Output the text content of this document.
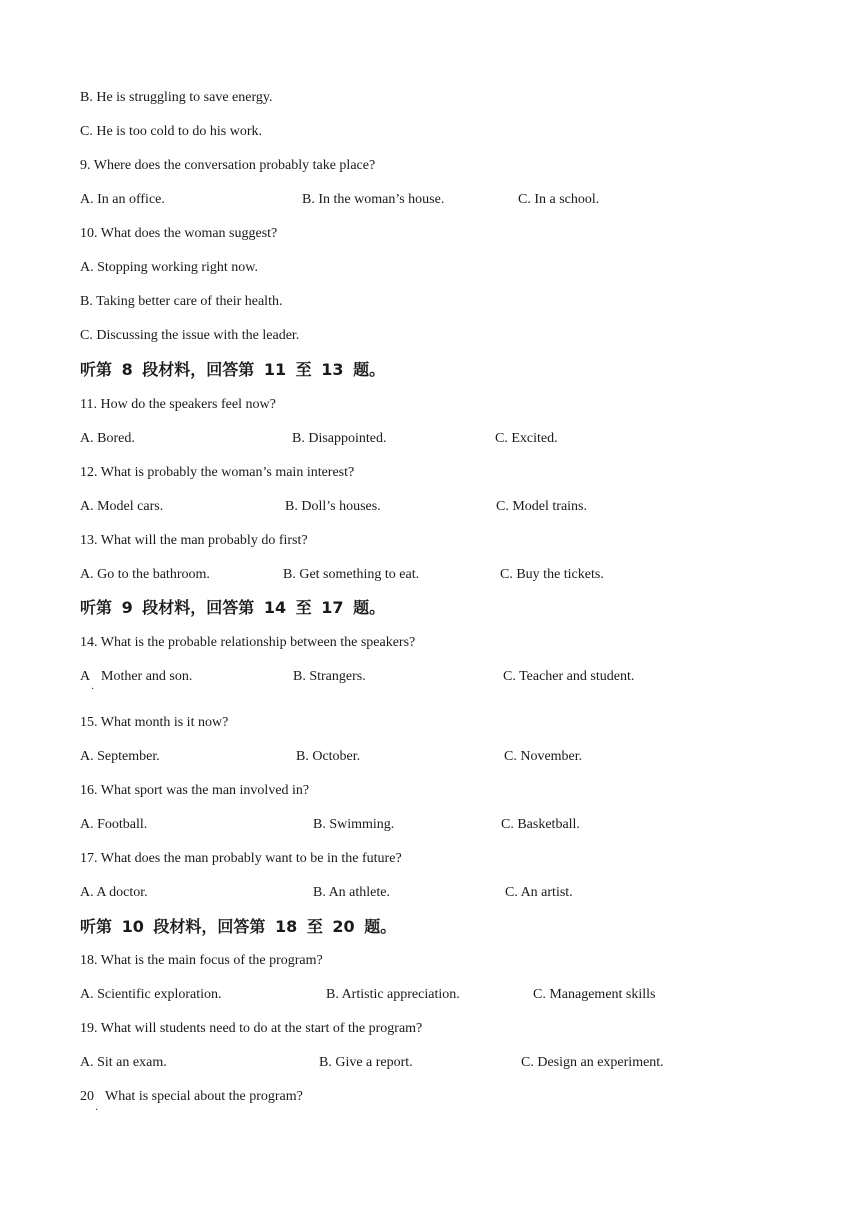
B. He is struggling to save energy.
C. He is too cold to do his work.
9. Where does the conversation probably take place?
A. In an office.	B. In the woman’s house.	C. In a school.
10. What does the woman suggest?
A. Stopping working right now.
B. Taking better care of their health.
C. Discussing the issue with the leader.
听第 8 段材料，回答第 11 至 13 题。
11. How do the speakers feel now?
A. Bored.	B. Disappointed.	C. Excited.
12. What is probably the woman’s main interest?
A. Model cars.	B. Doll’s houses.	C. Model trains.
13. What will the man probably do first?
A. Go to the bathroom.	B. Get something to eat.	C. Buy the tickets.
听第 9 段材料，回答第 14 至 17 题。
14. What is the probable relationship between the speakers?
A
·
Mother and son.	B. Strangers.	C. Teacher and student.
15. What month is it now?
A. September.	B. October.	C. November.
16. What sport was the man involved in?
A. Football.	B. Swimming.	C. Basketball.
17. What does the man probably want to be in the future?
A. A doctor.	B. An athlete.	C. An artist.
听第 10 段材料，回答第 18 至 20 题。
18. What is the main focus of the program?
A. Scientific exploration.	B. Artistic appreciation.	C. Management skills
19. What will students need to do at the start of the program?
A. Sit an exam.	B. Give a report.	C. Design an experiment.
20
·
What is special about the program?
